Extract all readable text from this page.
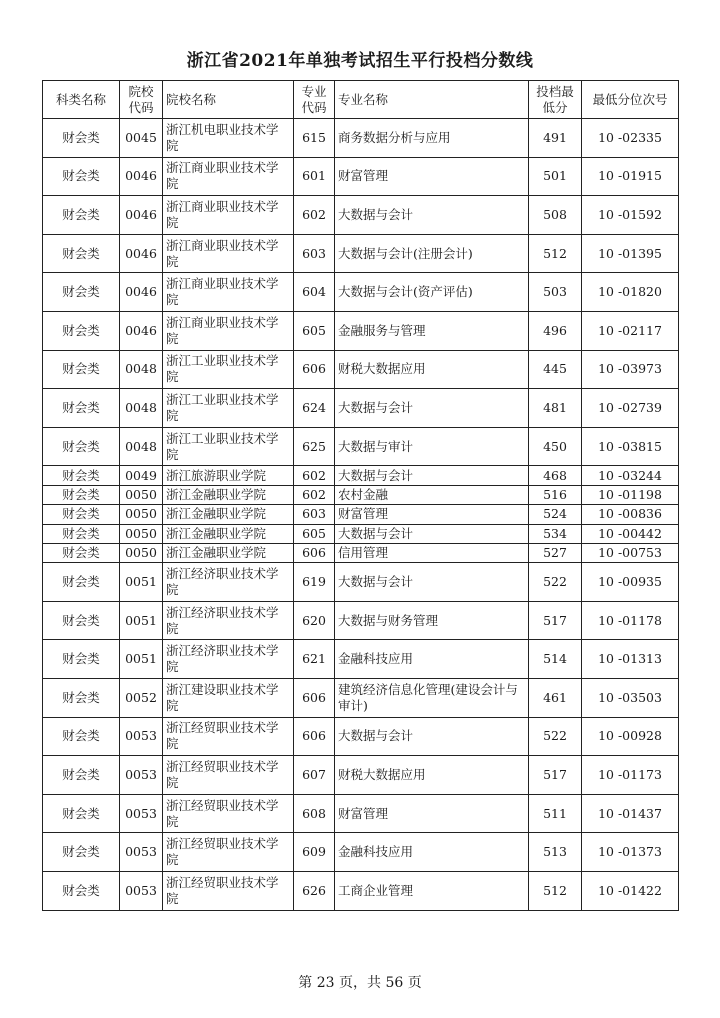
浙江省2021年单独考试招生平行投档分数线
科类名称	院校代码	院校名称	专业代码	专业名称	投档最低分	最低分位次号
财会类	0045	浙江机电职业技术学院	615	商务数据分析与应用	491	10 -02335
财会类	0046	浙江商业职业技术学院	601	财富管理	501	10 -01915
财会类	0046	浙江商业职业技术学院	602	大数据与会计	508	10 -01592
财会类	0046	浙江商业职业技术学院	603	大数据与会计(注册会计)	512	10 -01395
财会类	0046	浙江商业职业技术学院	604	大数据与会计(资产评估)	503	10 -01820
财会类	0046	浙江商业职业技术学院	605	金融服务与管理	496	10 -02117
财会类	0048	浙江工业职业技术学院	606	财税大数据应用	445	10 -03973
财会类	0048	浙江工业职业技术学院	624	大数据与会计	481	10 -02739
财会类	0048	浙江工业职业技术学院	625	大数据与审计	450	10 -03815
财会类	0049	浙江旅游职业学院	602	大数据与会计	468	10 -03244
财会类	0050	浙江金融职业学院	602	农村金融	516	10 -01198
财会类	0050	浙江金融职业学院	603	财富管理	524	10 -00836
财会类	0050	浙江金融职业学院	605	大数据与会计	534	10 -00442
财会类	0050	浙江金融职业学院	606	信用管理	527	10 -00753
财会类	0051	浙江经济职业技术学院	619	大数据与会计	522	10 -00935
财会类	0051	浙江经济职业技术学院	620	大数据与财务管理	517	10 -01178
财会类	0051	浙江经济职业技术学院	621	金融科技应用	514	10 -01313
财会类	0052	浙江建设职业技术学院	606	建筑经济信息化管理(建设会计与审计)	461	10 -03503
财会类	0053	浙江经贸职业技术学院	606	大数据与会计	522	10 -00928
财会类	0053	浙江经贸职业技术学院	607	财税大数据应用	517	10 -01173
财会类	0053	浙江经贸职业技术学院	608	财富管理	511	10 -01437
财会类	0053	浙江经贸职业技术学院	609	金融科技应用	513	10 -01373
财会类	0053	浙江经贸职业技术学院	626	工商企业管理	512	10 -01422
第 23 页，共 56 页
